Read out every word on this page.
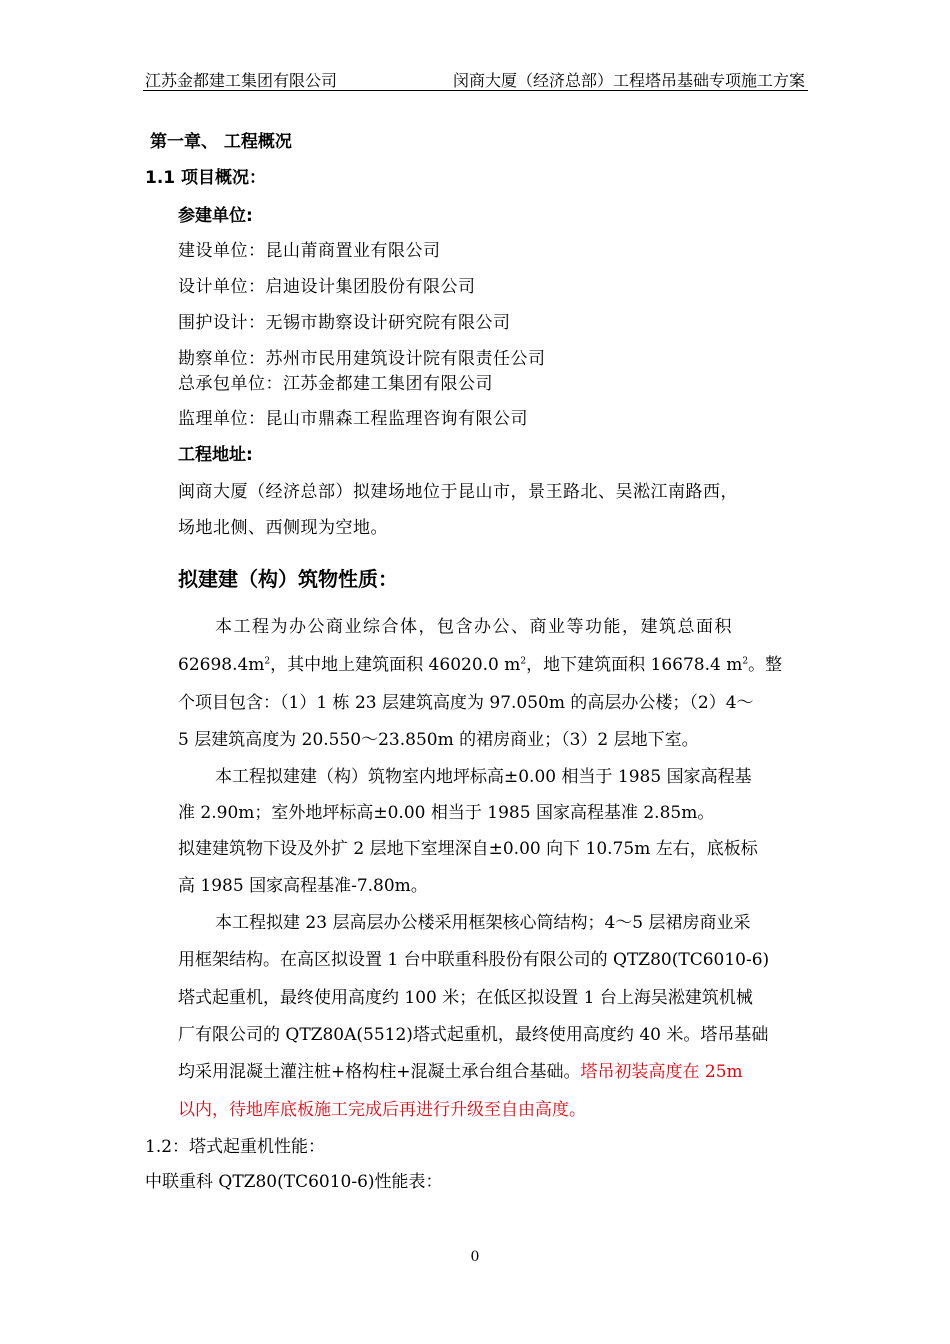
江苏金都建工集团有限公司	闵商大厦（经济总部）工程塔吊基础专项施工方案
第一章、 工程概况
1.1 项目概况：
参建单位:
建设单位：昆山莆商置业有限公司
设计单位：启迪设计集团股份有限公司
围护设计：无锡市勘察设计研究院有限公司
勘察单位：苏州市民用建筑设计院有限责任公司
总承包单位：江苏金都建工集团有限公司
监理单位：昆山市鼎森工程监理咨询有限公司
工程地址:
闽商大厦（经济总部）拟建场地位于昆山市，景王路北、吴淞江南路西，
场地北侧、西侧现为空地。
拟建建（构）筑物性质：
本工程为办公商业综合体，包含办公、商业等功能，建筑总面积
$62698.4m^2$，其中地上建筑面积 46020.0 $m^2$，地下建筑面积 16678.4 $m^2$。整
个项目包含：（1）1 栋 23 层建筑高度为 97.050m 的高层办公楼；（2）4～
5 层建筑高度为 20.550～23.850m 的裙房商业；（3）2 层地下室。
本工程拟建建（构）筑物室内地坪标高±0.00 相当于 1985 国家高程基
准 2.90m；室外地坪标高±0.00 相当于 1985 国家高程基准 2.85m。
拟建建筑物下设及外扩 2 层地下室埋深自±0.00 向下 10.75m 左右，底板标
高 1985 国家高程基准-7.80m。
本工程拟建 23 层高层办公楼采用框架核心筒结构；4～5 层裙房商业采
用框架结构。在高区拟设置 1 台中联重科股份有限公司的 QTZ80(TC6010-6)
塔式起重机，最终使用高度约 100 米；在低区拟设置 1 台上海吴淞建筑机械
厂有限公司的 QTZ80A(5512)塔式起重机，最终使用高度约 40 米。塔吊基础
均采用混凝土灌注桩+格构柱+混凝土承台组合基础。塔吊初装高度在 25m
以内，待地库底板施工完成后再进行升级至自由高度。
1.2：塔式起重机性能：
中联重科 QTZ80(TC6010-6)性能表：
0
